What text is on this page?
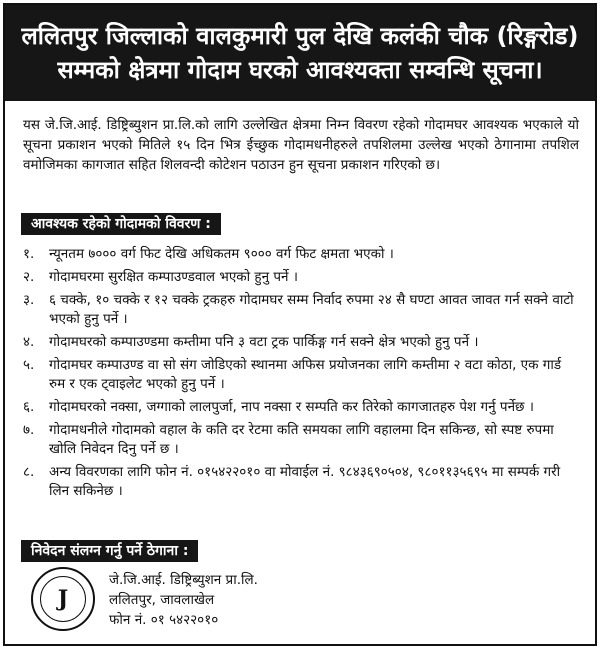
ललितपुर जिल्लाको वालकुमारी पुल देखि कलंकी चौक (रिङ्गरोड)
सम्मको क्षेत्रमा गोदाम घरको आवश्यक्ता सम्वन्धि सूचना।
यस जे.जि.आई. डिष्ट्रिब्युशन प्रा.लि.को लागि उल्लेखित क्षेत्रमा निम्न विवरण रहेको गोदामघर आवश्यक भएकाले यो सूचना प्रकाशन भएको मितिले १५ दिन भित्र ईच्छुक गोदामधनीहरुले तपशिलमा उल्लेख भएको ठेगानामा तपशिल वमोजिमका कागजात सहित शिलवन्दी कोटेशन पठाउन हुन सूचना प्रकाशन गरिएको छ।
आवश्यक रहेको गोदामको विवरण :
१.	न्यूनतम ७००० वर्ग फिट देखि अधिकतम ९००० वर्ग फिट क्षमता भएको ।
२.	गोदामघरमा सुरक्षित कम्पाउण्डवाल भएको हुनु पर्ने ।
३.	६ चक्के, १० चक्के र १२ चक्के ट्रकहरु गोदामघर सम्म निर्वाद रुपमा २४ सै घण्टा आवत जावत गर्न सक्ने वाटो भएको हुनु पर्ने ।
४.	गोदामघरको कम्पाउण्डमा कम्तीमा पनि ३ वटा ट्रक पार्किङ्ग गर्न सक्ने क्षेत्र भएको हुनु पर्ने ।
५.	गोदामघर कम्पाउण्ड वा सो संग जोडिएको स्थानमा अफिस प्रयोजनका लागि कम्तीमा २ वटा कोठा, एक गार्ड रुम र एक ट्वाइलेट भएको हुनु पर्ने ।
६.	गोदामघरको नक्सा, जग्गाको लालपुर्जा, नाप नक्सा र सम्पति कर तिरेको कागजातहरु पेश गर्नु पर्नेछ ।
७.	गोदामधनीले गोदामको वहाल के कति दर रेटमा कति समयका लागि वहालमा दिन सकिन्छ, सो स्पष्ट रुपमा खोलि निवेदन दिनु पर्ने छ ।
८.	अन्य विवरणका लागि फोन नं. ०१५४२२०१० वा मोवाईल नं. ९८४३६९०५०४, ९८०११३५६९५ मा सम्पर्क गरी लिन सकिनेछ ।
निवेदन संलग्न गर्नु पर्ने ठेगाना :
J
जे.जि.आई. डिष्ट्रिब्युशन प्रा.लि.
ललितपुर, जावलाखेल
फोन नं. ०१ ५४२२०१०
